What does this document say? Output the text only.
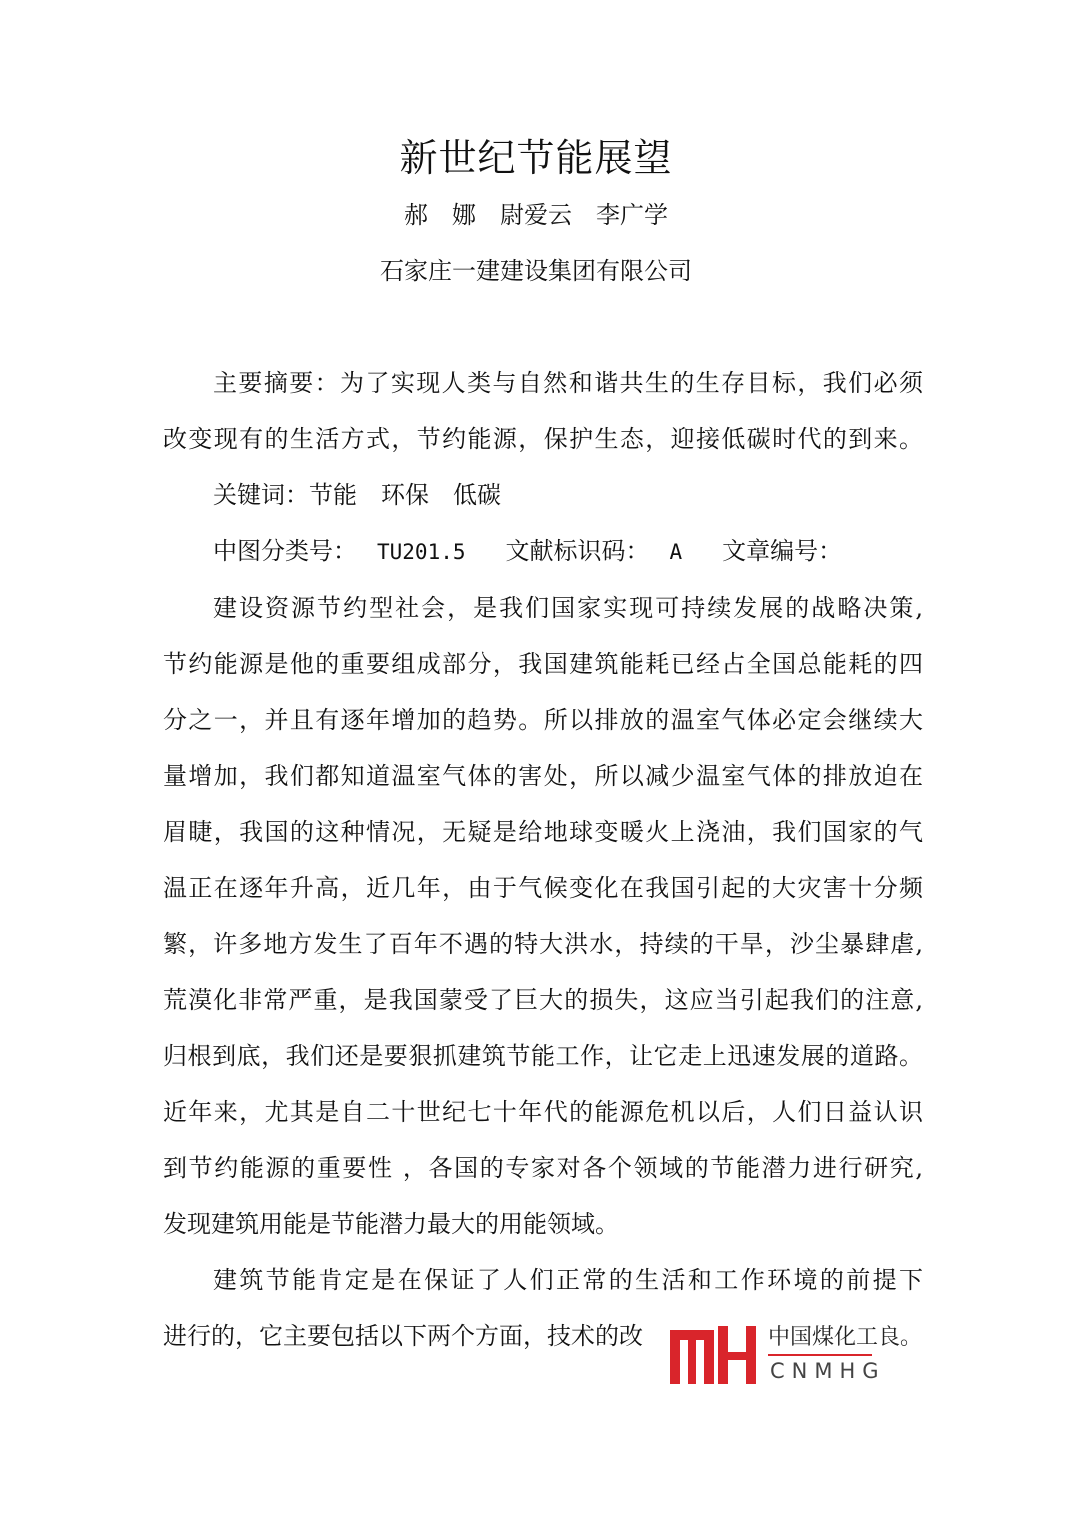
新世纪节能展望
郝　娜　尉爱云　李广学
石家庄一建建设集团有限公司
主要摘要：为了实现人类与自然和谐共生的生存目标，我们必须
改变现有的生活方式，节约能源，保护生态，迎接低碳时代的到来。
关键词：节能　环保　低碳
中图分类号： TU201.5 文献标识码： A 文章编号：
建设资源节约型社会，是我们国家实现可持续发展的战略决策,
节约能源是他的重要组成部分，我国建筑能耗已经占全国总能耗的四
分之一，并且有逐年增加的趋势。所以排放的温室气体必定会继续大
量增加，我们都知道温室气体的害处，所以减少温室气体的排放迫在
眉睫，我国的这种情况，无疑是给地球变暖火上浇油，我们国家的气
温正在逐年升高，近几年，由于气候变化在我国引起的大灾害十分频
繁，许多地方发生了百年不遇的特大洪水，持续的干旱，沙尘暴肆虐,
荒漠化非常严重，是我国蒙受了巨大的损失，这应当引起我们的注意,
归根到底，我们还是要狠抓建筑节能工作，让它走上迅速发展的道路。
近年来，尤其是自二十世纪七十年代的能源危机以后，人们日益认识
到节约能源的重要性 ，各国的专家对各个领域的节能潜力进行研究,
发现建筑用能是节能潜力最大的用能领域。
建筑节能肯定是在保证了人们正常的生活和工作环境的前提下
进行的，它主要包括以下两个方面，技术的改	中国煤化工良。
CNMHG
